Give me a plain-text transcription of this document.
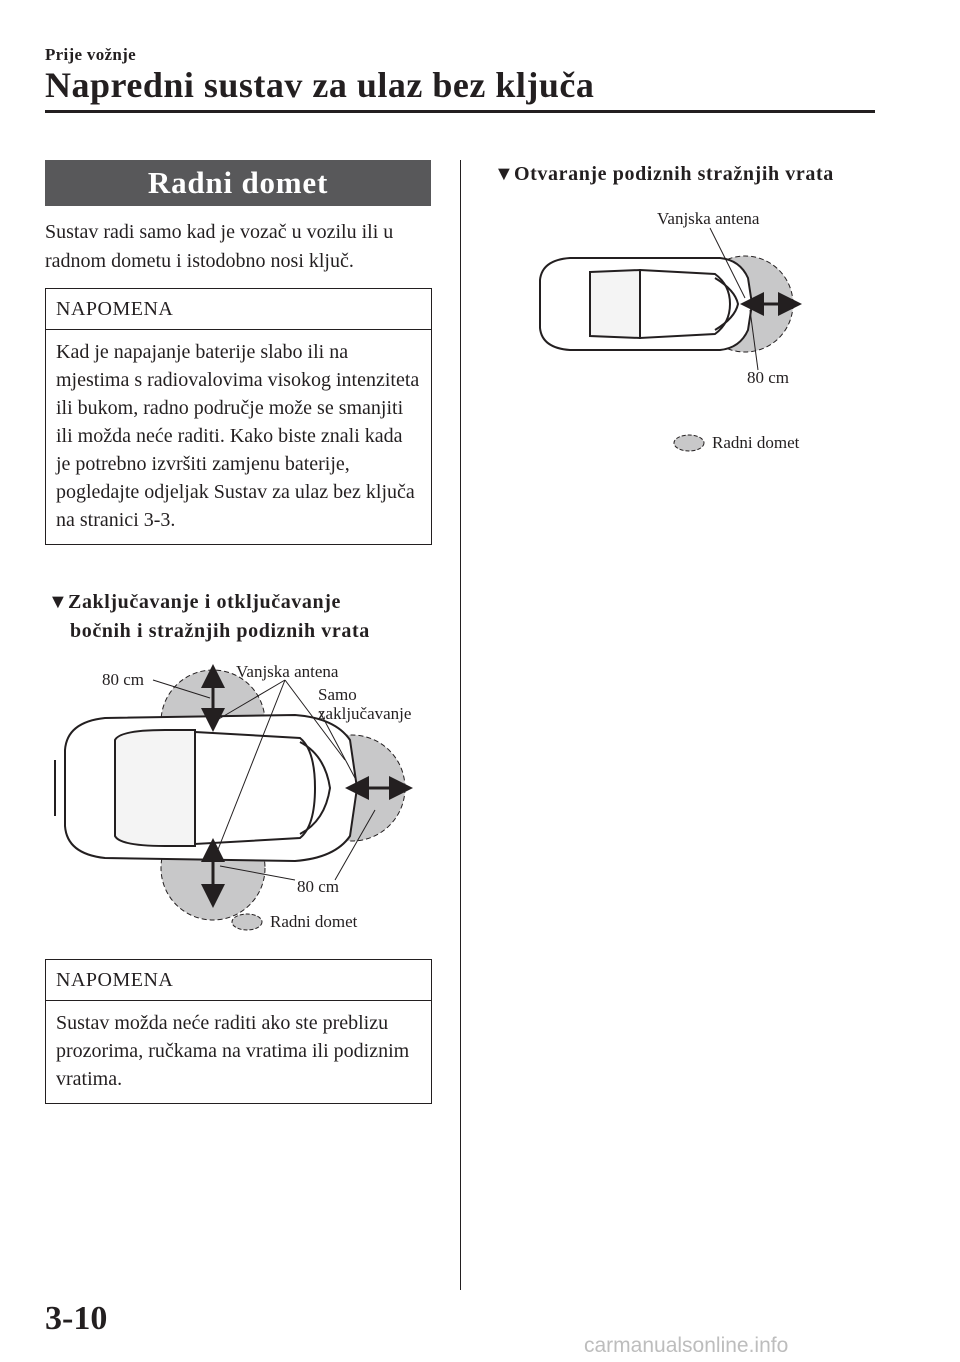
Prije vožnje
Napredni sustav za ulaz bez ključa
Radni domet
Sustav radi samo kad je vozač u vozilu ili u radnom dometu i istodobno nosi ključ.
NAPOMENA
Kad je napajanje baterije slabo ili na mjestima s radiovalovima visokog intenziteta ili bukom, radno područje može se smanjiti ili možda neće raditi. Kako biste znali kada je potrebno izvršiti zamjenu baterije, pogledajte odjeljak Sustav za ulaz bez ključa na stranici 3-3.
▼Zaključavanje i otključavanje
bočnih i stražnjih podiznih vrata
80 cm	Vanjska antena
Samo
zaključavanje
80 cm
Radni domet
NAPOMENA
Sustav možda neće raditi ako ste preblizu prozorima, ručkama na vratima ili podiznim vratima.
▼Otvaranje podiznih stražnjih vrata
Vanjska antena
80 cm
Radni domet
3-10
carmanualsonline.info
